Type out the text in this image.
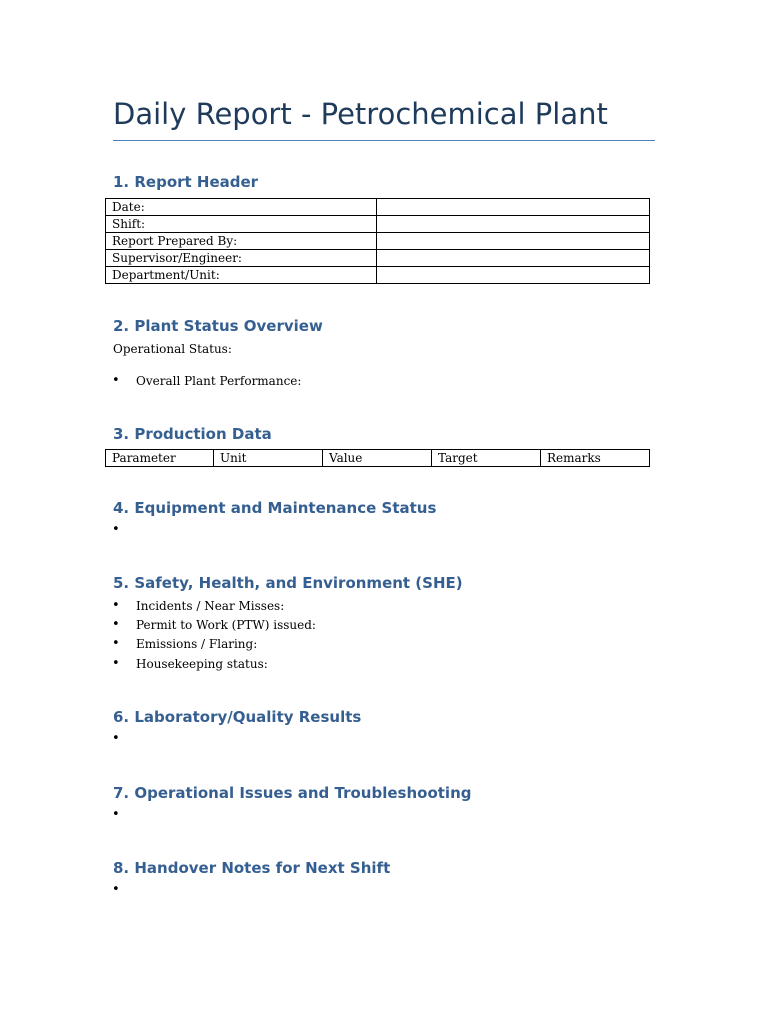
Daily Report - Petrochemical Plant
1. Report Header
Date:	
Shift:	
Report Prepared By:	
Supervisor/Engineer:	
Department/Unit:	
2. Plant Status Overview

Operational Status:

• Overall Plant Performance:

3. Production Data
Parameter	Unit	Value	Target	Remarks
4. Equipment and Maintenance Status
•
5. Safety, Health, and Environment (SHE)
• Incidents / Near Misses:

• Permit to Work (PTW) issued:

• Emissions / Flaring:

• Housekeeping status:

6. Laboratory/Quality Results
•
7. Operational Issues and Troubleshooting
•
8. Handover Notes for Next Shift
•
